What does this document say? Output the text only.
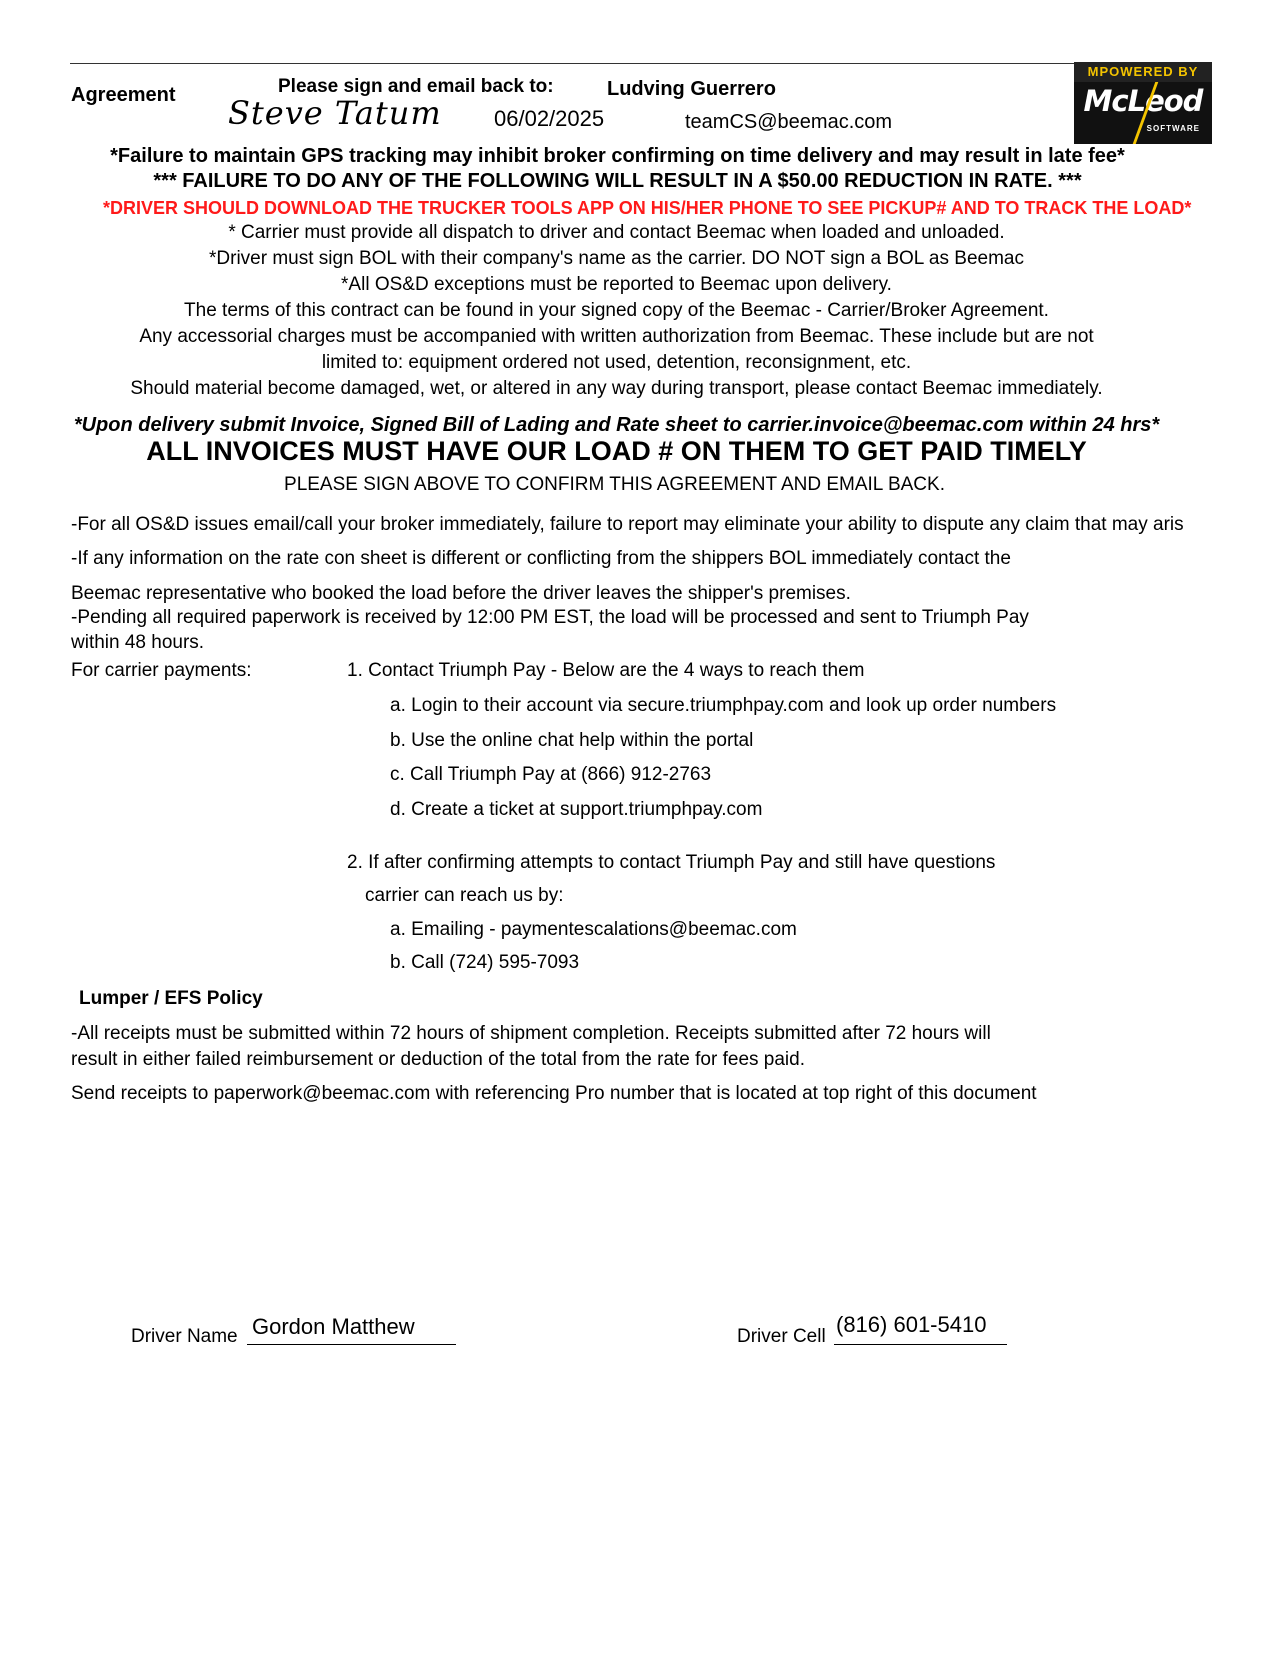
Agreement	Please sign and email back to:	Ludving Guerrero
Steve Tatum 06/02/2025	teamCS@beemac.com
MPOWERED BY
McLeod
SOFTWARE
*Failure to maintain GPS tracking may inhibit broker confirming on time delivery and may result in late fee*
*** FAILURE TO DO ANY OF THE FOLLOWING WILL RESULT IN A $50.00 REDUCTION IN RATE. ***
*DRIVER SHOULD DOWNLOAD THE TRUCKER TOOLS APP ON HIS/HER PHONE TO SEE PICKUP# AND TO TRACK THE LOAD*
* Carrier must provide all dispatch to driver and contact Beemac when loaded and unloaded.
*Driver must sign BOL with their company's name as the carrier. DO NOT sign a BOL as Beemac
*All OS&D exceptions must be reported to Beemac upon delivery.
The terms of this contract can be found in your signed copy of the Beemac - Carrier/Broker Agreement.
Any accessorial charges must be accompanied with written authorization from Beemac. These include but are not
limited to: equipment ordered not used, detention, reconsignment, etc.
Should material become damaged, wet, or altered in any way during transport, please contact Beemac immediately.
*Upon delivery submit Invoice, Signed Bill of Lading and Rate sheet to carrier.invoice@beemac.com within 24 hrs*
ALL INVOICES MUST HAVE OUR LOAD # ON THEM TO GET PAID TIMELY
PLEASE SIGN ABOVE TO CONFIRM THIS AGREEMENT AND EMAIL BACK.
-For all OS&D issues email/call your broker immediately, failure to report may eliminate your ability to dispute any claim that may aris
-If any information on the rate con sheet is different or conflicting from the shippers BOL immediately contact the
Beemac representative who booked the load before the driver leaves the shipper's premises.
-Pending all required paperwork is received by 12:00 PM EST, the load will be processed and sent to Triumph Pay
within 48 hours.
For carrier payments:	1. Contact Triumph Pay - Below are the 4 ways to reach them
a. Login to their account via secure.triumphpay.com and look up order numbers
b. Use the online chat help within the portal
c. Call Triumph Pay at (866) 912-2763
d. Create a ticket at support.triumphpay.com
2. If after confirming attempts to contact Triumph Pay and still have questions
carrier can reach us by:
a. Emailing - paymentescalations@beemac.com
b. Call (724) 595-7093
Lumper / EFS Policy
-All receipts must be submitted within 72 hours of shipment completion. Receipts submitted after 72 hours will
result in either failed reimbursement or deduction of the total from the rate for fees paid.
Send receipts to paperwork@beemac.com with referencing Pro number that is located at top right of this document
Driver Name Gordon Matthew	Driver Cell (816) 601-5410
